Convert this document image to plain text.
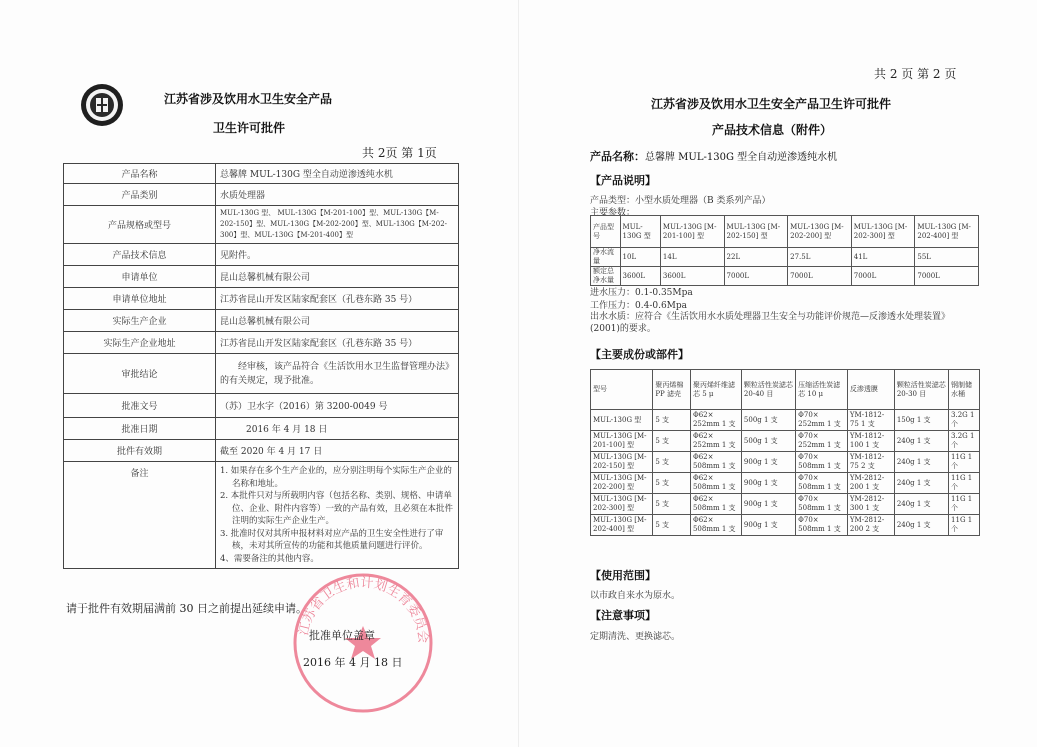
江苏省涉及饮用水卫生安全产品
卫生许可批件
共 2页 第 1页
产品名称	总馨牌 MUL-130G 型全自动逆渗透纯水机
产品类别	水质处理器
产品规格或型号	MUL-130G 型、 MUL-130G【M-201-100】型、MUL-130G【M-202-150】型、MUL-130G【M-202-200】型、MUL-130G【M-202-300】型、MUL-130G【M-201-400】型
产品技术信息	见附件。
申请单位	昆山总馨机械有限公司
申请单位地址	江苏省昆山开发区陆家配套区（孔巷东路 35 号）
实际生产企业	昆山总馨机械有限公司
实际生产企业地址	江苏省昆山开发区陆家配套区（孔巷东路 35 号）
审批结论	经审核，该产品符合《生活饮用水卫生监督管理办法》的有关规定，现予批准。
批准文号	（苏）卫水字（2016）第 3200-0049 号
批准日期	2016 年 4 月 18 日
批件有效期	截至 2020 年 4 月 17 日
备注	1. 如果存在多个生产企业的，应分别注明每个实际生产企业的名称和地址。
2. 本批件只对与所载明内容（包括名称、类别、规格、申请单位、企业、附件内容等）一致的产品有效，且必须在本批件注明的实际生产企业生产。
3. 批准时仅对其所申报材料对应产品的卫生安全性进行了审核，未对其所宣传的功能和其他质量问题进行评价。
4、需要备注的其他内容。
请于批件有效期届满前 30 日之前提出延续申请。
江苏省卫生和计划生育委员会
批准单位盖章
2016 年 4 月 18 日
共 2 页 第 2 页
江苏省涉及饮用水卫生安全产品卫生许可批件
产品技术信息（附件）
产品名称：总馨牌 MUL-130G 型全自动逆渗透纯水机
【产品说明】
产品类型：小型水质处理器（B 类系列产品）
主要参数：
产品型号	MUL-130G 型	MUL-130G [M-201-100] 型	MUL-130G [M-202-150] 型	MUL-130G [M-202-200] 型	MUL-130G [M-202-300] 型	MUL-130G [M-202-400] 型
净水流量	10L	14L	22L	27.5L	41L	55L
额定总净水量	3600L	3600L	7000L	7000L	7000L	7000L
进水压力：0.1-0.35Mpa
工作压力：0.4-0.6Mpa
出水水质：应符合《生活饮用水水质处理器卫生安全与功能评价规范—反渗透水处理装置》(2001)的要求。
【主要成份或部件】
型号	聚丙烯棉 PP 滤壳	聚丙烯纤维滤芯 5 μ	颗粒活性炭滤芯 20-40 目	压缩活性炭滤芯 10 μ	反渗透膜	颗粒活性炭滤芯 20-30 目	钢制储水桶
MUL-130G 型	5 支	Φ62× 252mm 1 支	500g 1 支	Φ70× 252mm 1 支	YM-1812-75 1 支	150g 1 支	3.2G 1 个
MUL-130G [M-201-100] 型	5 支	Φ62× 252mm 1 支	500g 1 支	Φ70× 252mm 1 支	YM-1812-100 1 支	240g 1 支	3.2G 1 个
MUL-130G [M-202-150] 型	5 支	Φ62× 508mm 1 支	900g 1 支	Φ70× 508mm 1 支	YM-1812-75 2 支	240g 1 支	11G 1 个
MUL-130G [M-202-200] 型	5 支	Φ62× 508mm 1 支	900g 1 支	Φ70× 508mm 1 支	YM-2812-200 1 支	240g 1 支	11G 1 个
MUL-130G [M-202-300] 型	5 支	Φ62× 508mm 1 支	900g 1 支	Φ70× 508mm 1 支	YM-2812-300 1 支	240g 1 支	11G 1 个
MUL-130G [M-202-400] 型	5 支	Φ62× 508mm 1 支	900g 1 支	Φ70× 508mm 1 支	YM-2812-200 2 支	240g 1 支	11G 1 个
【使用范围】
以市政自来水为原水。
【注意事项】
定期清洗、更换滤芯。
